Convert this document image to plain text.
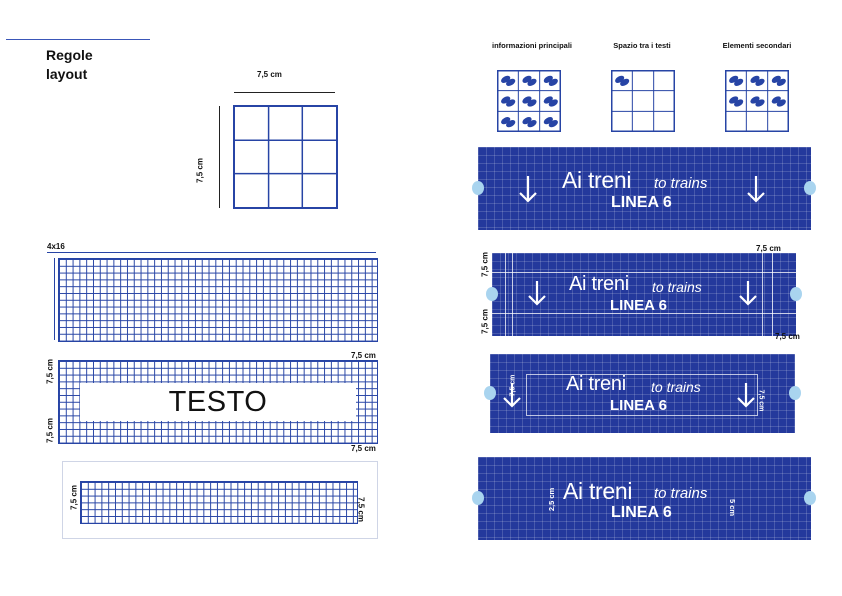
Regole
layout	7,5 cm
7,5 cm
4x16
7,5 cm
TESTO
7,5 cm
7,5 cm
7,5 cm
7,5 cm	7,5 cm
informazioni principali	Spazio tra i testi	Elementi secondari
Ai treni to trains
LINEA 6
7,5 cm
Ai treni to trains
LINEA 6
7,5 cm
7,5 cm
7,5 cm
7,5 cm
7,5 cm
Ai treni to trains
LINEA 6
2,5 cm	5 cm
Ai treni to trains
LINEA 6
